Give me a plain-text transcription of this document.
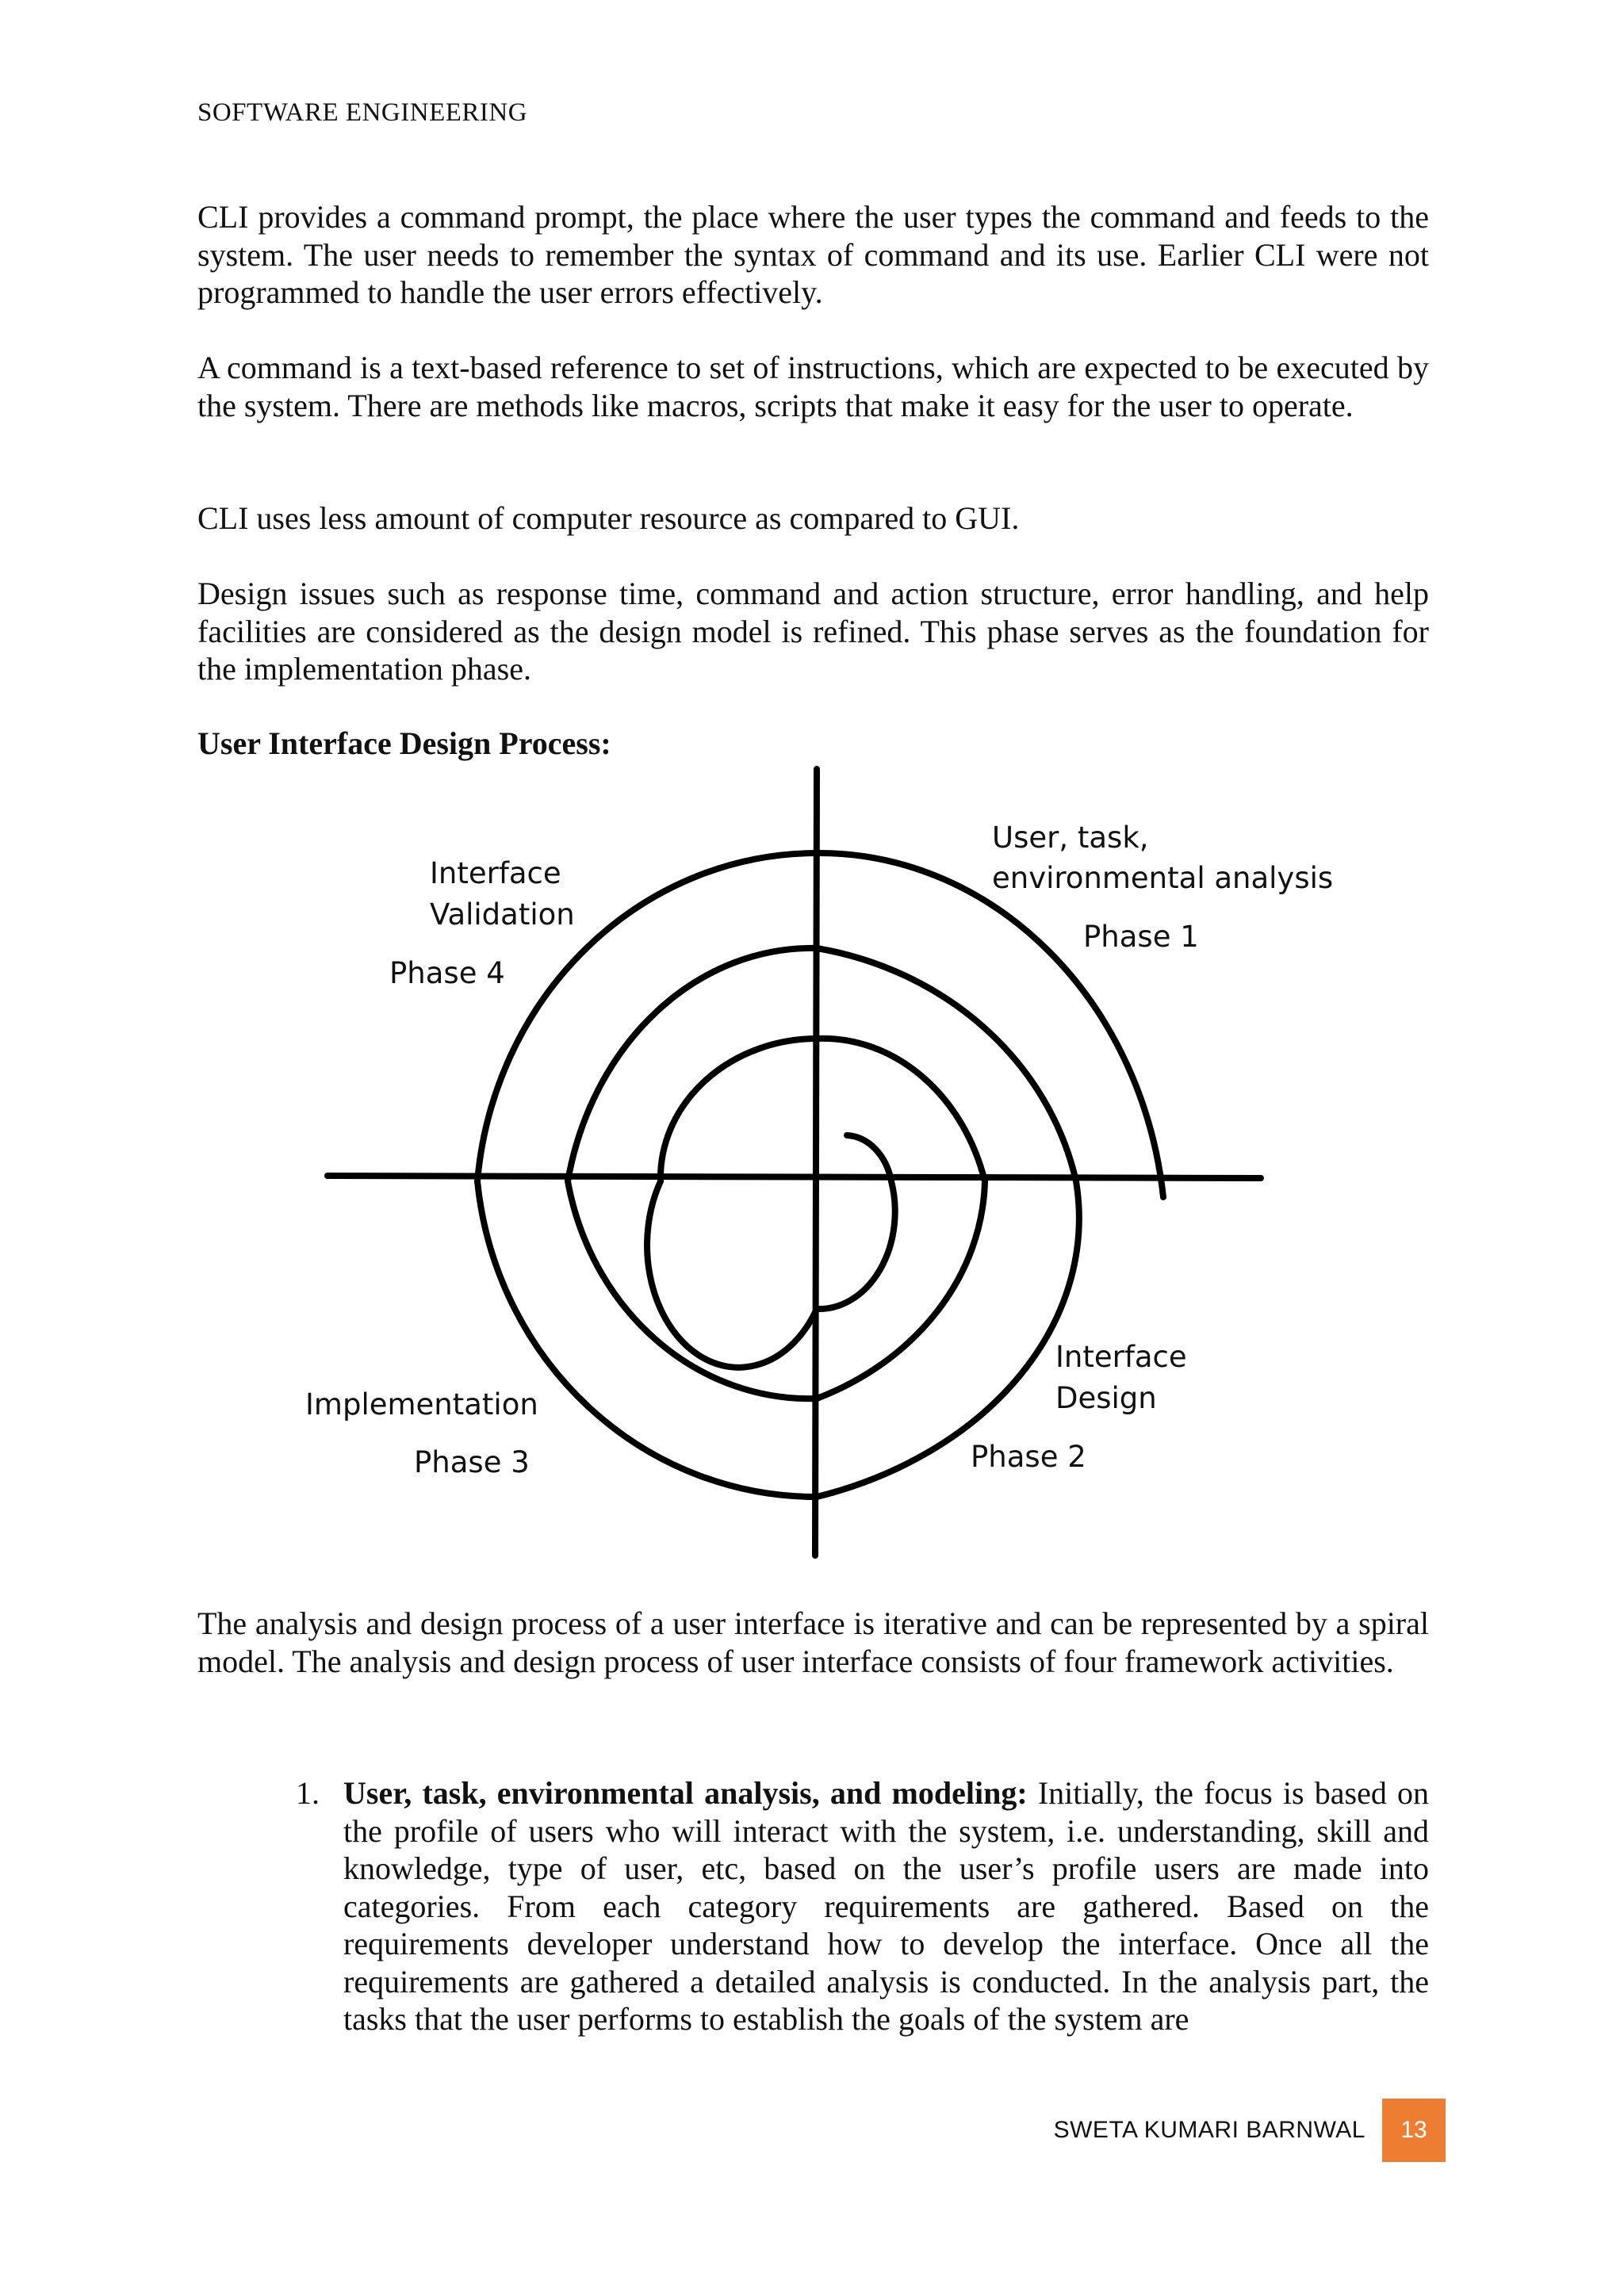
SOFTWARE ENGINEERING

CLI provides a command prompt, the place where the user types the command and feeds to the system. The user needs to remember the syntax of command and its use. Earlier CLI were not programmed to handle the user errors effectively.

A command is a text-based reference to set of instructions, which are expected to be executed by the system. There are methods like macros, scripts that make it easy for the user to operate.

CLI uses less amount of computer resource as compared to GUI.

Design issues such as response time, command and action structure, error handling, and help facilities are considered as the design model is refined. This phase serves as the foundation for the implementation phase.

User Interface Design Process:

User, task,
environmental analysis
Phase 1
Interface
Validation
Phase 4
Interface
Design
Phase 2
Implementation
Phase 3

The analysis and design process of a user interface is iterative and can be represented by a spiral model. The analysis and design process of user interface consists of four framework activities.

1. User, task, environmental analysis, and modeling: Initially, the focus is based on the profile of users who will interact with the system, i.e. understanding, skill and knowledge, type of user, etc, based on the user’s profile users are made into categories. From each category requirements are gathered. Based on the requirements developer understand how to develop the interface. Once all the requirements are gathered a detailed analysis is conducted. In the analysis part, the tasks that the user performs to establish the goals of the system are

SWETA KUMARI BARNWAL	13
